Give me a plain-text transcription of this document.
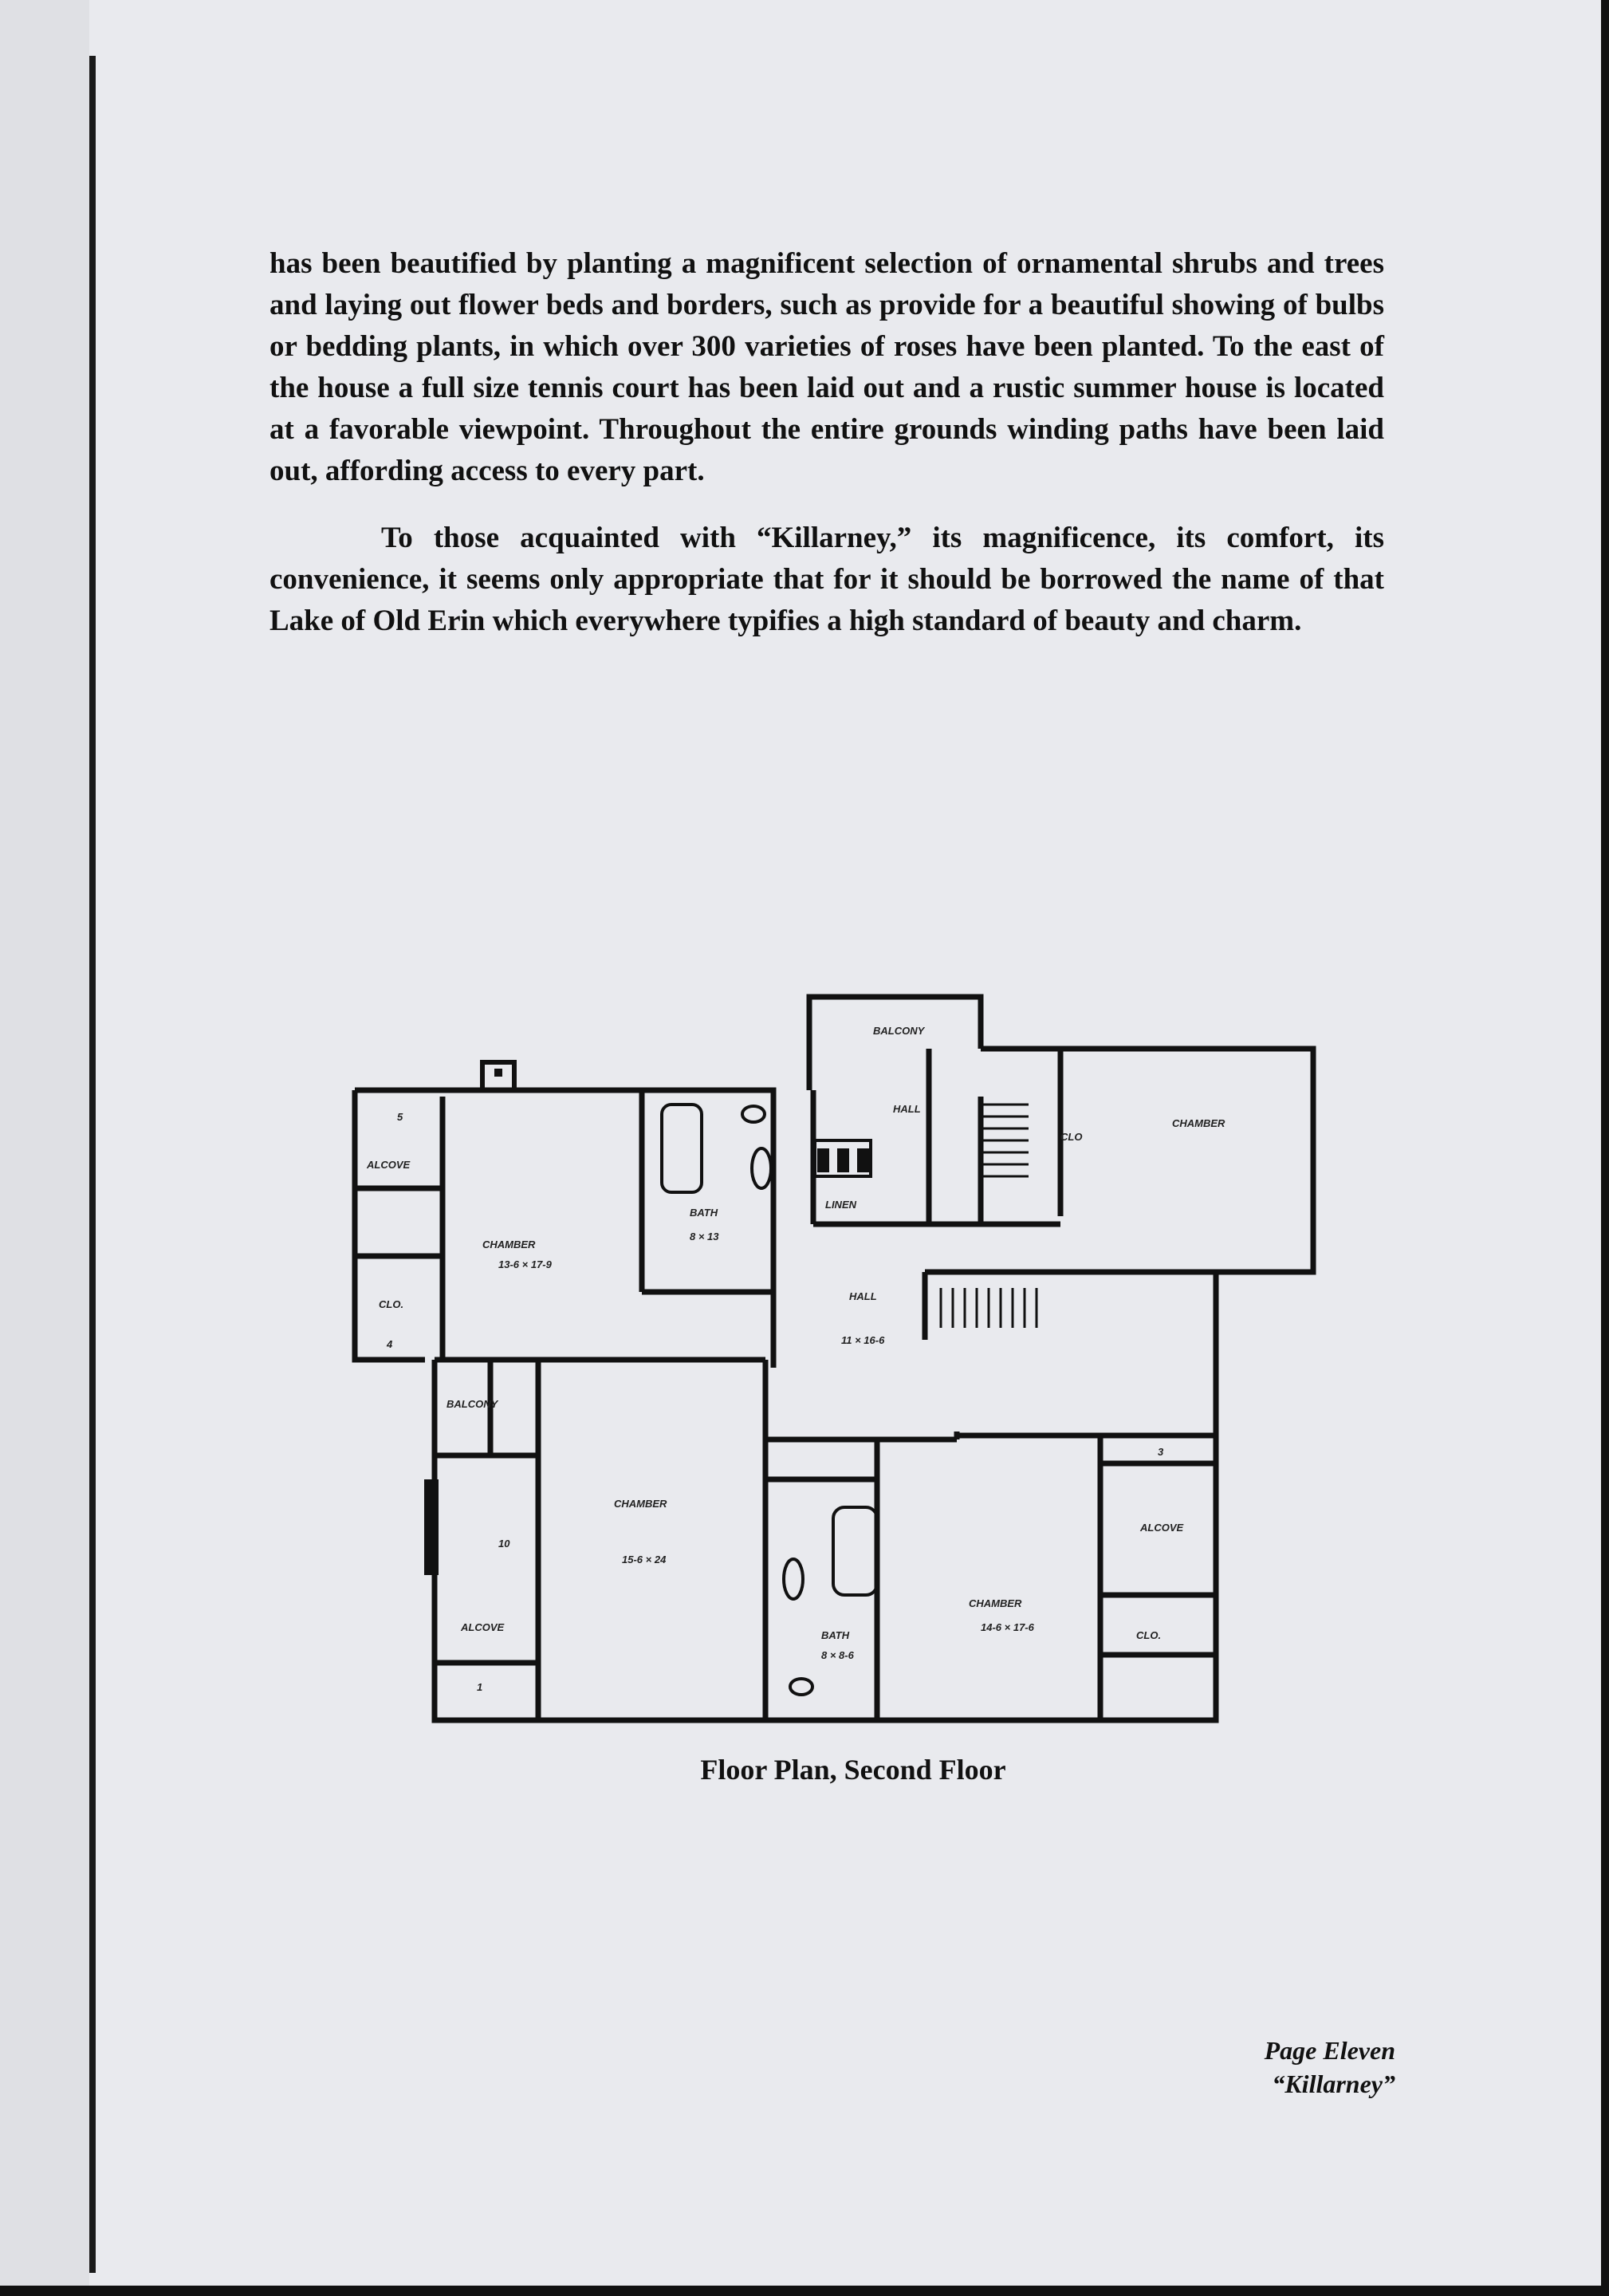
has been beautified by planting a magnificent selection of ornamental shrubs and trees and laying out flower beds and borders, such as provide for a beautiful showing of bulbs or bedding plants, in which over 300 varieties of roses have been planted. To the east of the house a full size tennis court has been laid out and a rustic summer house is located at a favorable viewpoint. Throughout the entire grounds winding paths have been laid out, affording access to every part.

To those acquainted with “Killarney,” its magnificence, its comfort, its convenience, it seems only appropriate that for it should be borrowed the name of that Lake of Old Erin which everywhere typifies a high standard of beauty and charm.

BALCONY
CHAMBER
HALL
CLO
ALCOVE
CHAMBER
13-6 × 17-9
BATH
8 × 13
LINEN
CLO.
HALL
11 × 16-6
BALCONY
CHAMBER
15-6 × 24
BATH
8 × 8-6
CHAMBER
14-6 × 17-6
ALCOVE
CLO.
ALCOVE
5
4
3
10
1
Floor Plan, Second Floor
Page Eleven
“Killarney”
